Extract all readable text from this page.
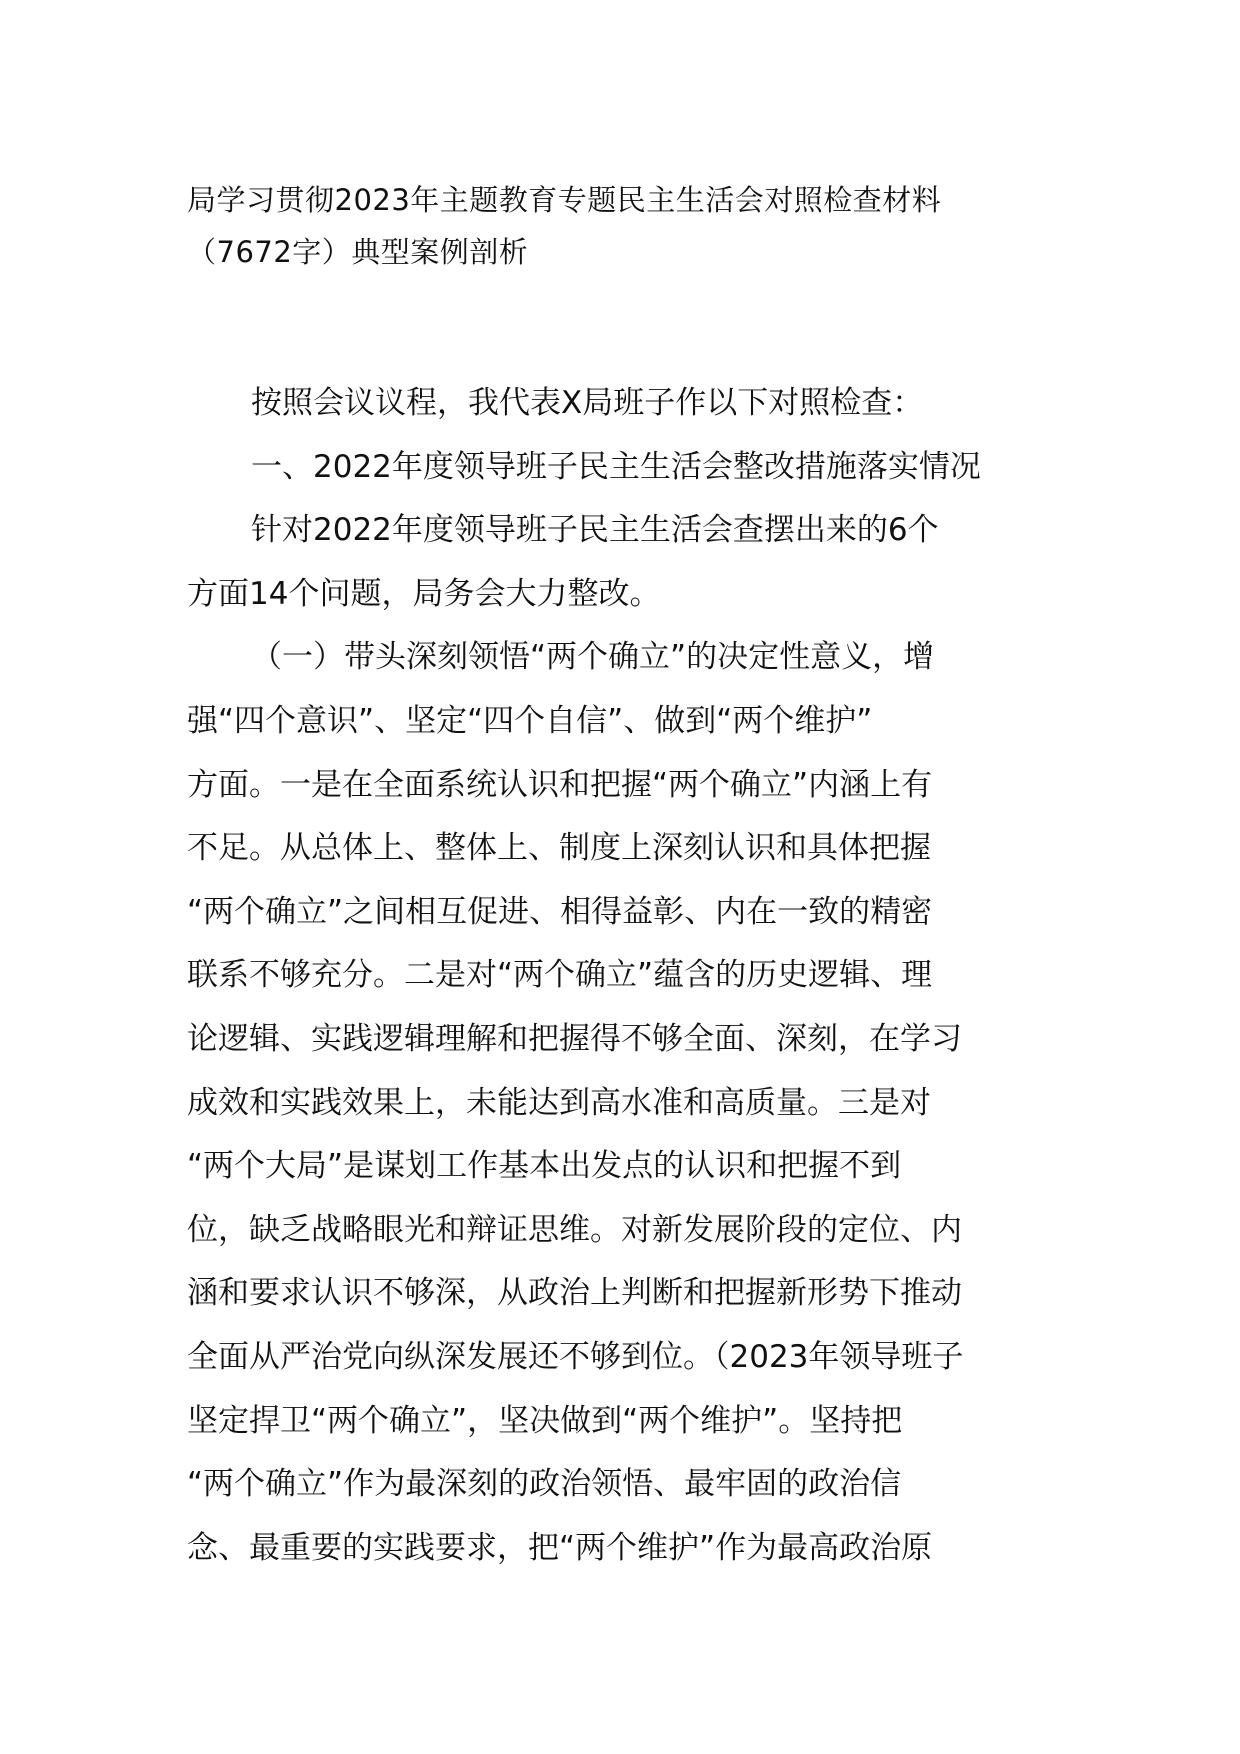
局学习贯彻2023年主题教育专题民主生活会对照检查材料
（7672字）典型案例剖析
按照会议议程，我代表X局班子作以下对照检查：
一、2022年度领导班子民主生活会整改措施落实情况
针对2022年度领导班子民主生活会查摆出来的6个
方面14个问题，局务会大力整改。
（一）带头深刻领悟“两个确立”的决定性意义，增
强“四个意识”、坚定“四个自信”、做到“两个维护”
方面。一是在全面系统认识和把握“两个确立”内涵上有
不足。从总体上、整体上、制度上深刻认识和具体把握
“两个确立”之间相互促进、相得益彰、内在一致的精密
联系不够充分。二是对“两个确立”蕴含的历史逻辑、理
论逻辑、实践逻辑理解和把握得不够全面、深刻，在学习
成效和实践效果上，未能达到高水准和高质量。三是对
“两个大局”是谋划工作基本出发点的认识和把握不到
位，缺乏战略眼光和辩证思维。对新发展阶段的定位、内
涵和要求认识不够深，从政治上判断和把握新形势下推动
全面从严治党向纵深发展还不够到位。（2023年领导班子
坚定捍卫“两个确立”，坚决做到“两个维护”。坚持把
“两个确立”作为最深刻的政治领悟、最牢固的政治信
念、最重要的实践要求，把“两个维护”作为最高政治原
